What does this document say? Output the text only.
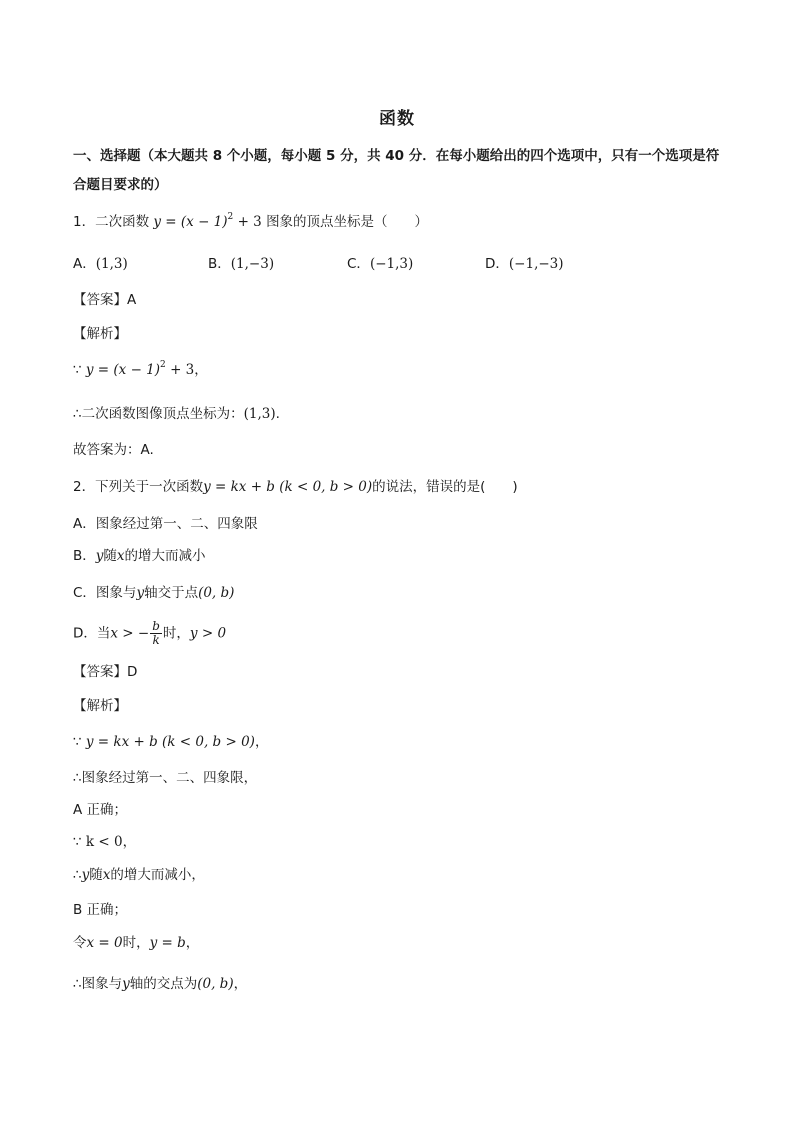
函数
一、选择题（本大题共 8 个小题，每小题 5 分，共 40 分．在每小题给出的四个选项中，只有一个选项是符
合题目要求的）
1．二次函数 $y = (x - 1)^2 + 3$ 图象的顶点坐标是（　　）
A．(1,3)	B．(1,−3)	C．(−1,3)	D．(−1,−3)
【答案】A
【解析】
∵ $y = (x - 1)^2 + 3$，
∴二次函数图像顶点坐标为：(1,3).
故答案为：A.
2．下列关于一次函数y = kx + b (k < 0, b > 0)的说法，错误的是(　　)
A．图象经过第一、二、四象限
B．y随x的增大而减小
C．图象与y轴交于点(0, b)
D．当x > − $\frac{b}{k}$ 时，y > 0
【答案】D
【解析】
∵ y = kx + b (k < 0, b > 0)，
∴图象经过第一、二、四象限，
A 正确；
∵ k < 0，
∴y随x的增大而减小，
B 正确；
令x = 0时，y = b，
∴图象与y轴的交点为(0, b)，
